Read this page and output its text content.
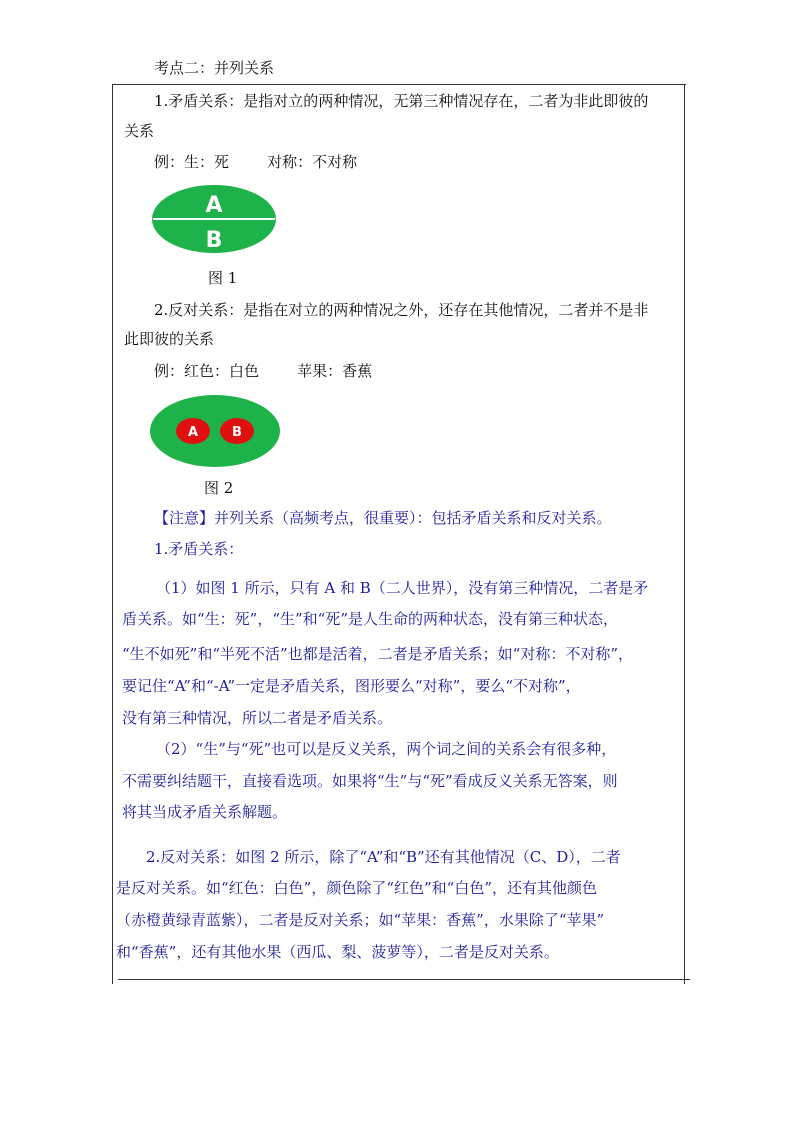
考点二：并列关系
1.矛盾关系：是指对立的两种情况，无第三种情况存在，二者为非此即彼的
关系
例：生：死        对称：不对称
A
B
图 1
2.反对关系：是指在对立的两种情况之外，还存在其他情况，二者并不是非
此即彼的关系
例：红色：白色        苹果：香蕉
A	B
图 2
【注意】并列关系（高频考点，很重要）：包括矛盾关系和反对关系。
1.矛盾关系：
（1）如图 1 所示，只有 A 和 B（二人世界），没有第三种情况，二者是矛
盾关系。如“生：死”，“生”和“死”是人生命的两种状态，没有第三种状态，
“生不如死”和“半死不活”也都是活着，二者是矛盾关系；如“对称：不对称”，
要记住“A”和“-A”一定是矛盾关系，图形要么“对称”，要么“不对称”，
没有第三种情况，所以二者是矛盾关系。
（2）“生”与“死”也可以是反义关系，两个词之间的关系会有很多种，
不需要纠结题干，直接看选项。如果将“生”与“死”看成反义关系无答案，则
将其当成矛盾关系解题。
2.反对关系：如图 2 所示，除了“A”和“B”还有其他情况（C、D），二者
是反对关系。如“红色：白色”，颜色除了“红色”和“白色”，还有其他颜色
（赤橙黄绿青蓝紫），二者是反对关系；如“苹果：香蕉”，水果除了“苹果”
和“香蕉”，还有其他水果（西瓜、梨、菠萝等），二者是反对关系。
